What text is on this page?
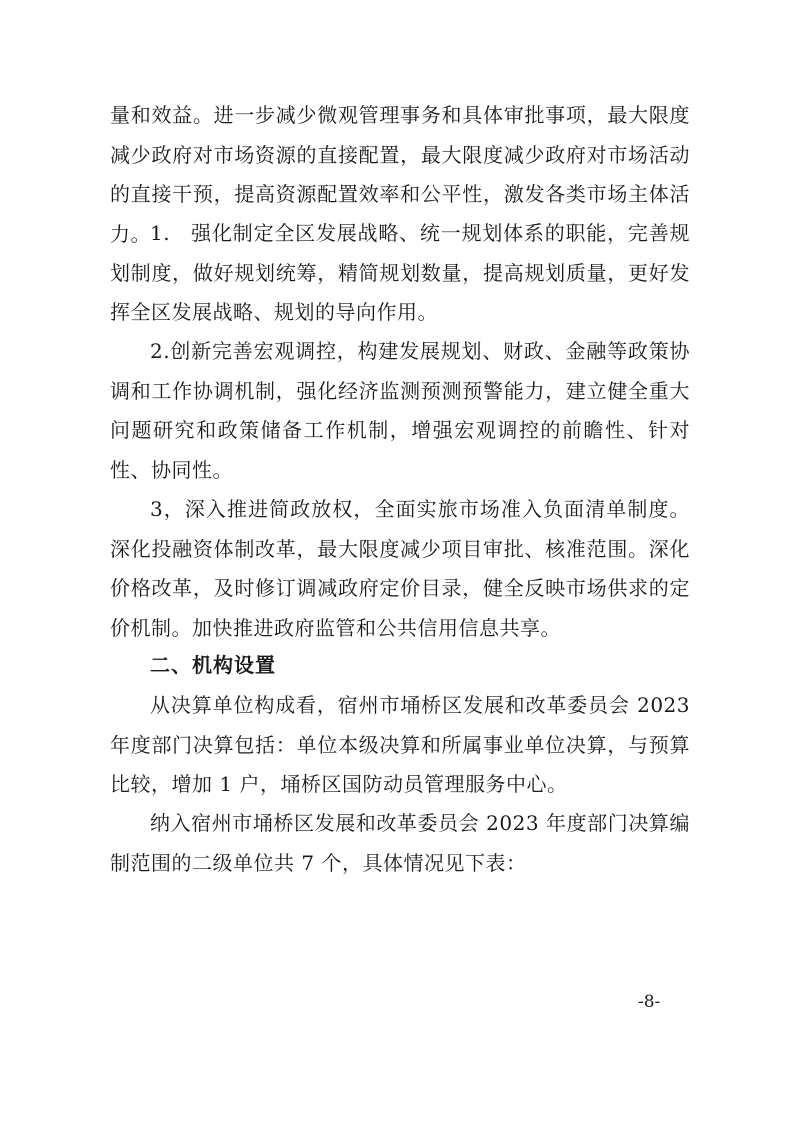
量和效益。进一步减少微观管理事务和具体审批事项，最大限度减少政府对市场资源的直接配置，最大限度减少政府对市场活动的直接干预，提高资源配置效率和公平性，激发各类市场主体活力。 1.　强化制定全区发展战略、统一规划体系的职能，完善规划制度，做好规划统筹，精简规划数量，提高规划质量，更好发挥全区发展战略、规划的导向作用。

2.创新完善宏观调控，构建发展规划、财政、金融等政策协调和工作协调机制，强化经济监测预测预警能力，建立健全重大问题研究和政策储备工作机制，增强宏观调控的前瞻性、针对性、协同性。

3，深入推进简政放权，全面实旅市场准入负面清单制度。深化投融资体制改革，最大限度减少项目审批、核准范围。深化价格改革，及时修订调减政府定价目录，健全反映市场供求的定价机制。加快推进政府监管和公共信用信息共享。

二、机构设置

从决算单位构成看，宿州市埇桥区发展和改革委员会 2023 年度部门决算包括：单位本级决算和所属事业单位决算，与预算比较，增加 1 户，埇桥区国防动员管理服务中心。

纳入宿州市埇桥区发展和改革委员会 2023 年度部门决算编制范围的二级单位共 7 个，具体情况见下表：

-8-
